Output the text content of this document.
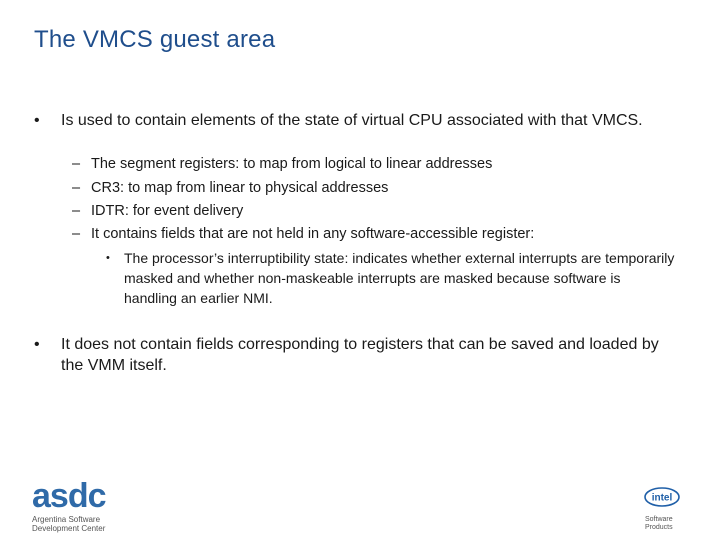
The VMCS guest area
• Is used to contain elements of the state of virtual CPU associated with that VMCS.
– The segment registers: to map from logical to linear addresses
– CR3: to map from linear to physical addresses
– IDTR: for event delivery
– It contains fields that are not held in any software-accessible register:
• The processor’s interruptibility state: indicates whether external interrupts are temporarily masked and whether non-maskeable interrupts are masked because software is handling an earlier NMI.
• It does not contain fields corresponding to registers that can be saved and loaded by the VMM itself.
asdc
Argentina Software Development Center
intel
Software Products
